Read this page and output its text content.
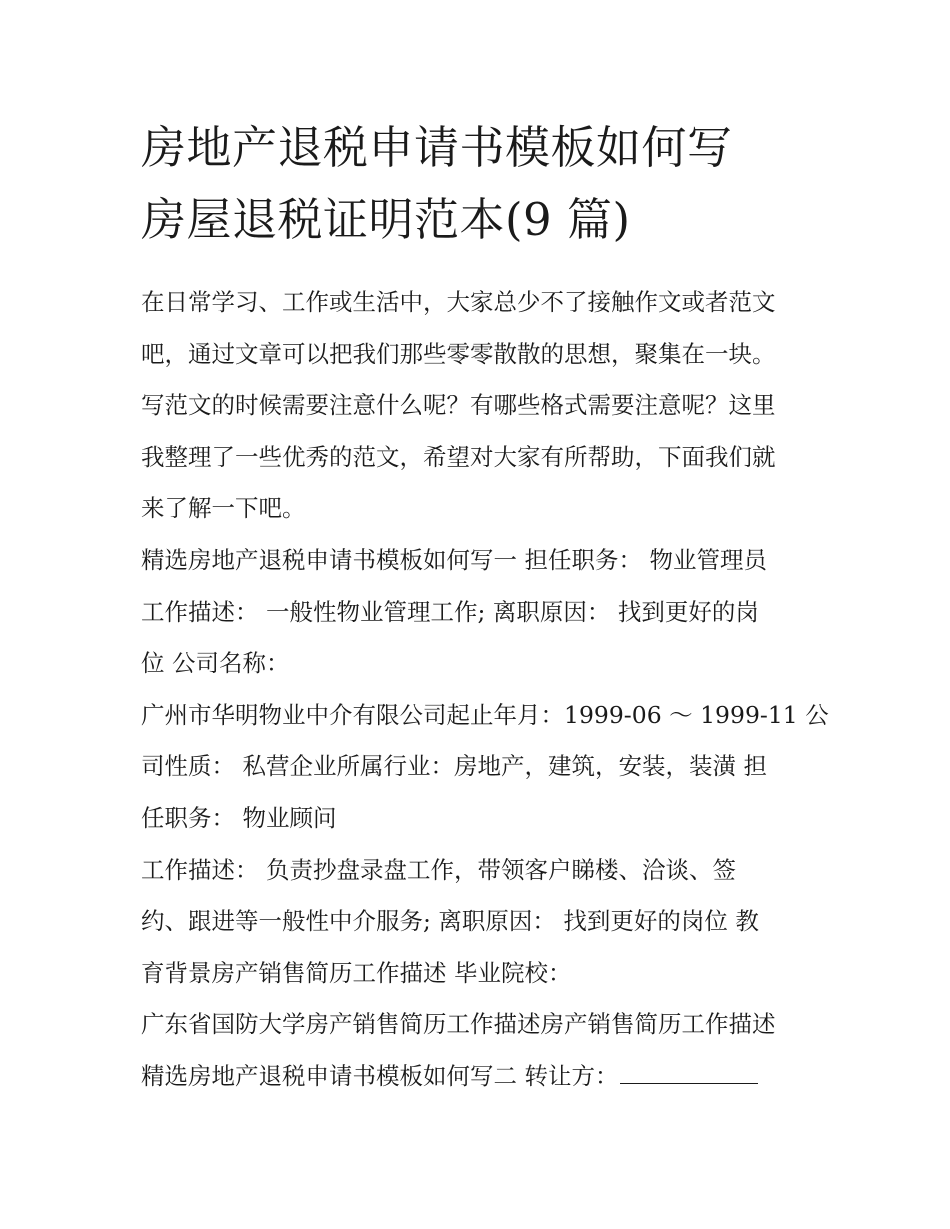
房地产退税申请书模板如何写
房屋退税证明范本(9 篇)
在日常学习、工作或生活中，大家总少不了接触作文或者范文
吧，通过文章可以把我们那些零零散散的思想，聚集在一块。
写范文的时候需要注意什么呢？有哪些格式需要注意呢？这里
我整理了一些优秀的范文，希望对大家有所帮助，下面我们就
来了解一下吧。
精选房地产退税申请书模板如何写一 担任职务： 物业管理员
工作描述： 一般性物业管理工作; 离职原因： 找到更好的岗
位 公司名称：
广州市华明物业中介有限公司起止年月：1999-06 ～ 1999-11 公
司性质： 私营企业所属行业：房地产，建筑，安装，装潢 担
任职务： 物业顾问
工作描述： 负责抄盘录盘工作，带领客户睇楼、洽谈、签
约、跟进等一般性中介服务; 离职原因： 找到更好的岗位 教
育背景房产销售简历工作描述 毕业院校：
广东省国防大学房产销售简历工作描述房产销售简历工作描述
精选房地产退税申请书模板如何写二 转让方：
